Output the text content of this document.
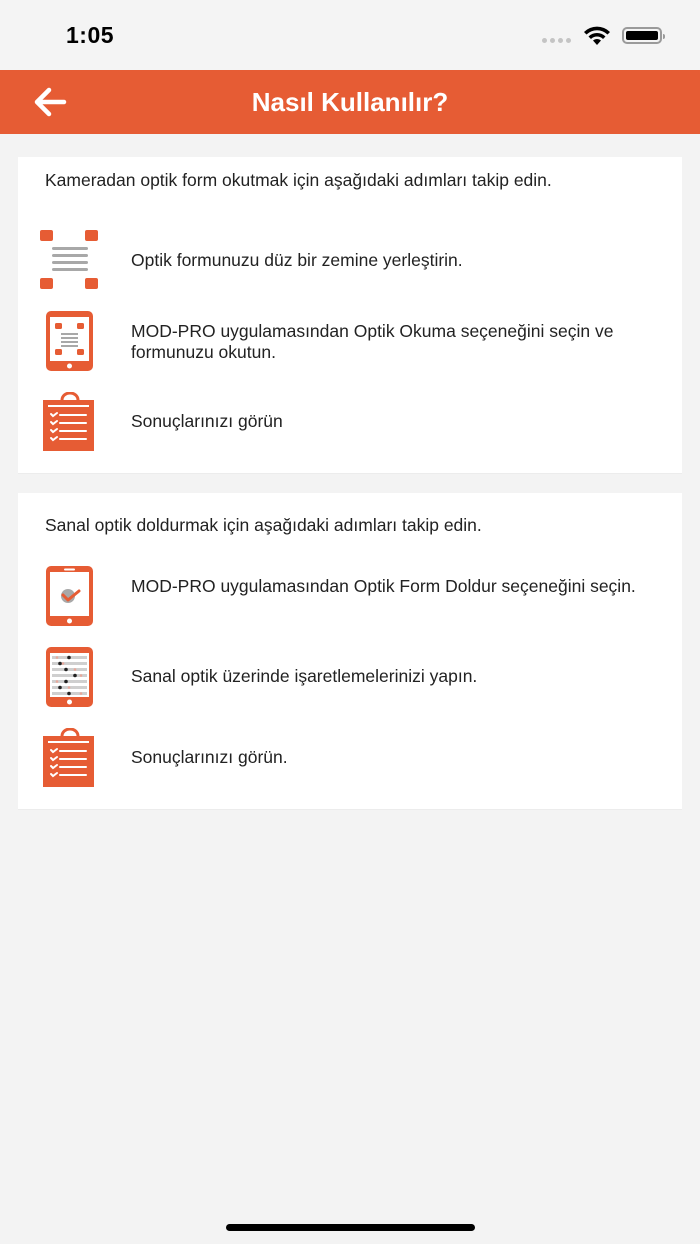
1:05
Nasıl Kullanılır?
Kameradan optik form okutmak için aşağıdaki adımları takip edin.
Optik formunuzu düz bir zemine yerleştirin.
MOD-PRO uygulamasından Optik Okuma seçeneğini seçin ve formunuzu okutun.
Sonuçlarınızı görün
Sanal optik doldurmak için aşağıdaki adımları takip edin.
MOD-PRO uygulamasından Optik Form Doldur seçeneğini seçin.
Sanal optik üzerinde işaretlemelerinizi yapın.
Sonuçlarınızı görün.
